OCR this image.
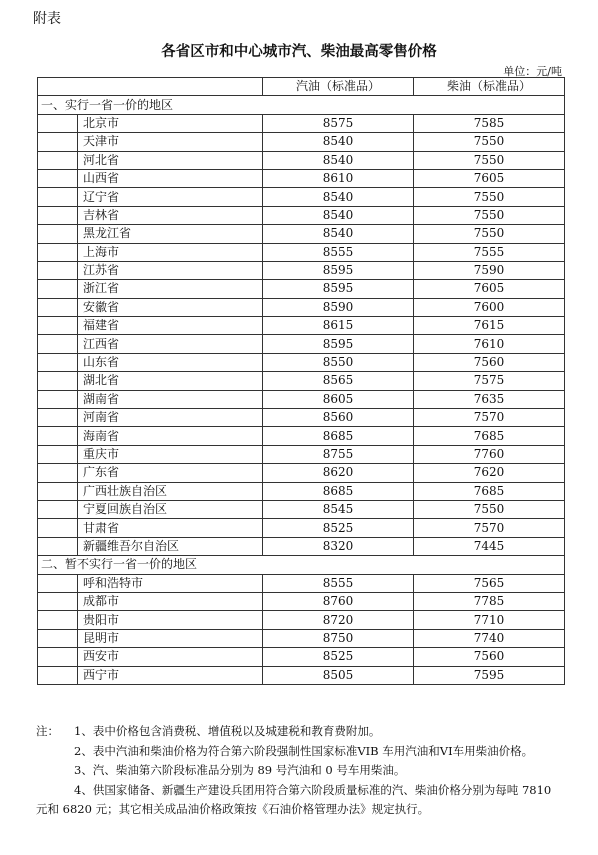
附表
各省区市和中心城市汽、柴油最高零售价格
单位：元/吨
		汽油（标准品）	柴油（标准品）
一、实行一省一价的地区			
	北京市	8575	7585
	天津市	8540	7550
	河北省	8540	7550
	山西省	8610	7605
	辽宁省	8540	7550
	吉林省	8540	7550
	黑龙江省	8540	7550
	上海市	8555	7555
	江苏省	8595	7590
	浙江省	8595	7605
	安徽省	8590	7600
	福建省	8615	7615
	江西省	8595	7610
	山东省	8550	7560
	湖北省	8565	7575
	湖南省	8605	7635
	河南省	8560	7570
	海南省	8685	7685
	重庆市	8755	7760
	广东省	8620	7620
	广西壮族自治区	8685	7685
	宁夏回族自治区	8545	7550
	甘肃省	8525	7570
	新疆维吾尔自治区	8320	7445
二、暂不实行一省一价的地区			
	呼和浩特市	8555	7565
	成都市	8760	7785
	贵阳市	8720	7710
	昆明市	8750	7740
	西安市	8525	7560
	西宁市	8505	7595

注： 1、表中价格包含消费税、增值税以及城建税和教育费附加。

2、表中汽油和柴油价格为符合第六阶段强制性国家标准VIB 车用汽油和VI车用柴油价格。

3、汽、柴油第六阶段标准品分别为 89 号汽油和 0 号车用柴油。

4、供国家储备、新疆生产建设兵团用符合第六阶段质量标准的汽、柴油价格分别为每吨 7810 元和 6820 元；其它相关成品油价格政策按《石油价格管理办法》规定执行。
